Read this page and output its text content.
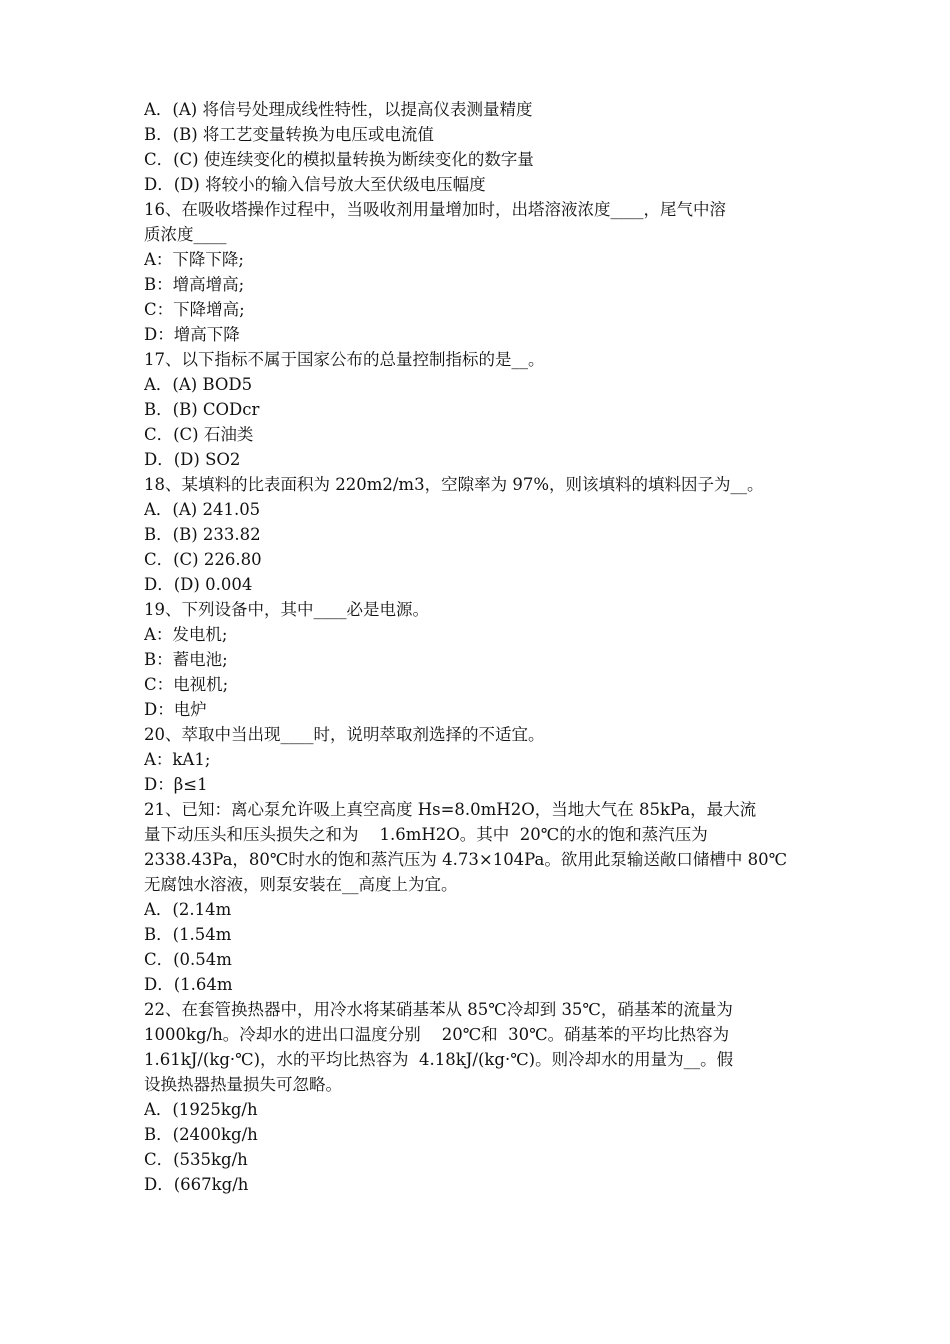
A．(A) 将信号处理成线性特性，以提高仪表测量精度
B．(B) 将工艺变量转换为电压或电流值
C．(C) 使连续变化的模拟量转换为断续变化的数字量
D．(D) 将较小的输入信号放大至伏级电压幅度
16、在吸收塔操作过程中，当吸收剂用量增加时，出塔溶液浓度____，尾气中溶
质浓度____
A：下降下降;
B：增高增高;
C：下降增高;
D：增高下降
17、以下指标不属于国家公布的总量控制指标的是__。
A．(A) BOD5
B．(B) CODcr
C．(C) 石油类
D．(D) SO2
18、某填料的比表面积为 220m2/m3，空隙率为 97%，则该填料的填料因子为__。
A．(A) 241.05
B．(B) 233.82
C．(C) 226.80
D．(D) 0.004
19、下列设备中，其中____必是电源。
A：发电机;
B：蓄电池;
C：电视机;
D：电炉
20、萃取中当出现____时，说明萃取剂选择的不适宜。
A：kA1;
D：β≤1
21、已知：离心泵允许吸上真空高度 Hs=8.0mH2O，当地大气在 85kPa，最大流
量下动压头和压头损失之和为    1.6mH2O。其中  20℃的水的饱和蒸汽压为
2338.43Pa，80℃时水的饱和蒸汽压为 4.73×104Pa。欲用此泵输送敞口储槽中 80℃
无腐蚀水溶液，则泵安装在__高度上为宜。
A．(2.14m
B．(1.54m
C．(0.54m
D．(1.64m
22、在套管换热器中，用冷水将某硝基苯从 85℃冷却到 35℃，硝基苯的流量为
1000kg/h。冷却水的进出口温度分别    20℃和  30℃。硝基苯的平均比热容为
1.61kJ/(kg·℃)，水的平均比热容为  4.18kJ/(kg·℃)。则冷却水的用量为__。假
设换热器热量损失可忽略。
A．(1925kg/h
B．(2400kg/h
C．(535kg/h
D．(667kg/h
